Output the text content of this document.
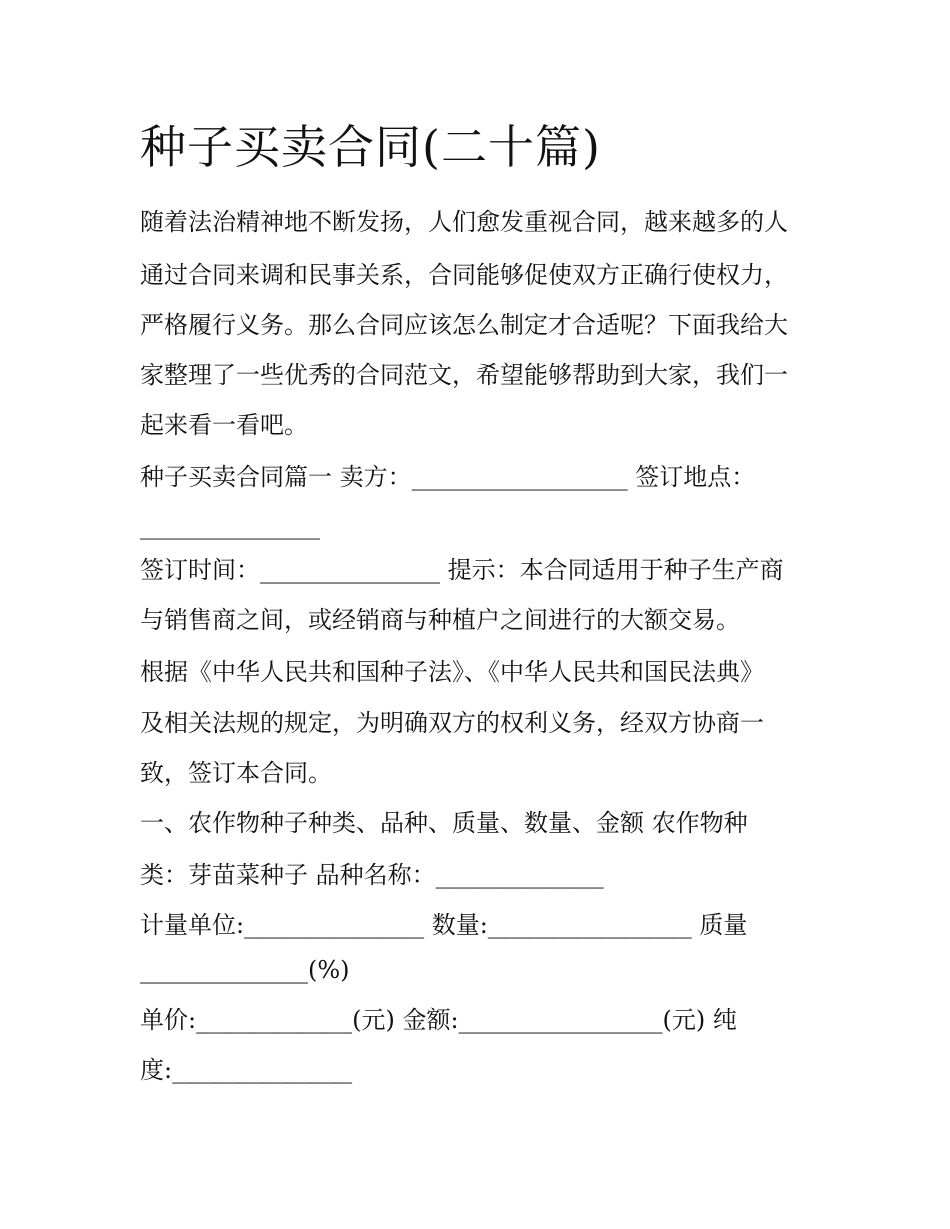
种子买卖合同(二十篇)
随着法治精神地不断发扬，人们愈发重视合同，越来越多的人
通过合同来调和民事关系，合同能够促使双方正确行使权力，
严格履行义务。那么合同应该怎么制定才合适呢？下面我给大
家整理了一些优秀的合同范文，希望能够帮助到大家，我们一
起来看一看吧。
种子买卖合同篇一 卖方：__________________ 签订地点：
_______________
签订时间：_______________ 提示：本合同适用于种子生产商
与销售商之间，或经销商与种植户之间进行的大额交易。
根据《中华人民共和国种子法》、《中华人民共和国民法典》
及相关法规的规定，为明确双方的权利义务，经双方协商一
致，签订本合同。
一、农作物种子种类、品种、质量、数量、金额 农作物种
类：芽苗菜种子 品种名称：______________
计量单位:_______________ 数量:_________________ 质量
______________(%)
单价:_____________(元) 金额:_________________(元) 纯
度:_______________
